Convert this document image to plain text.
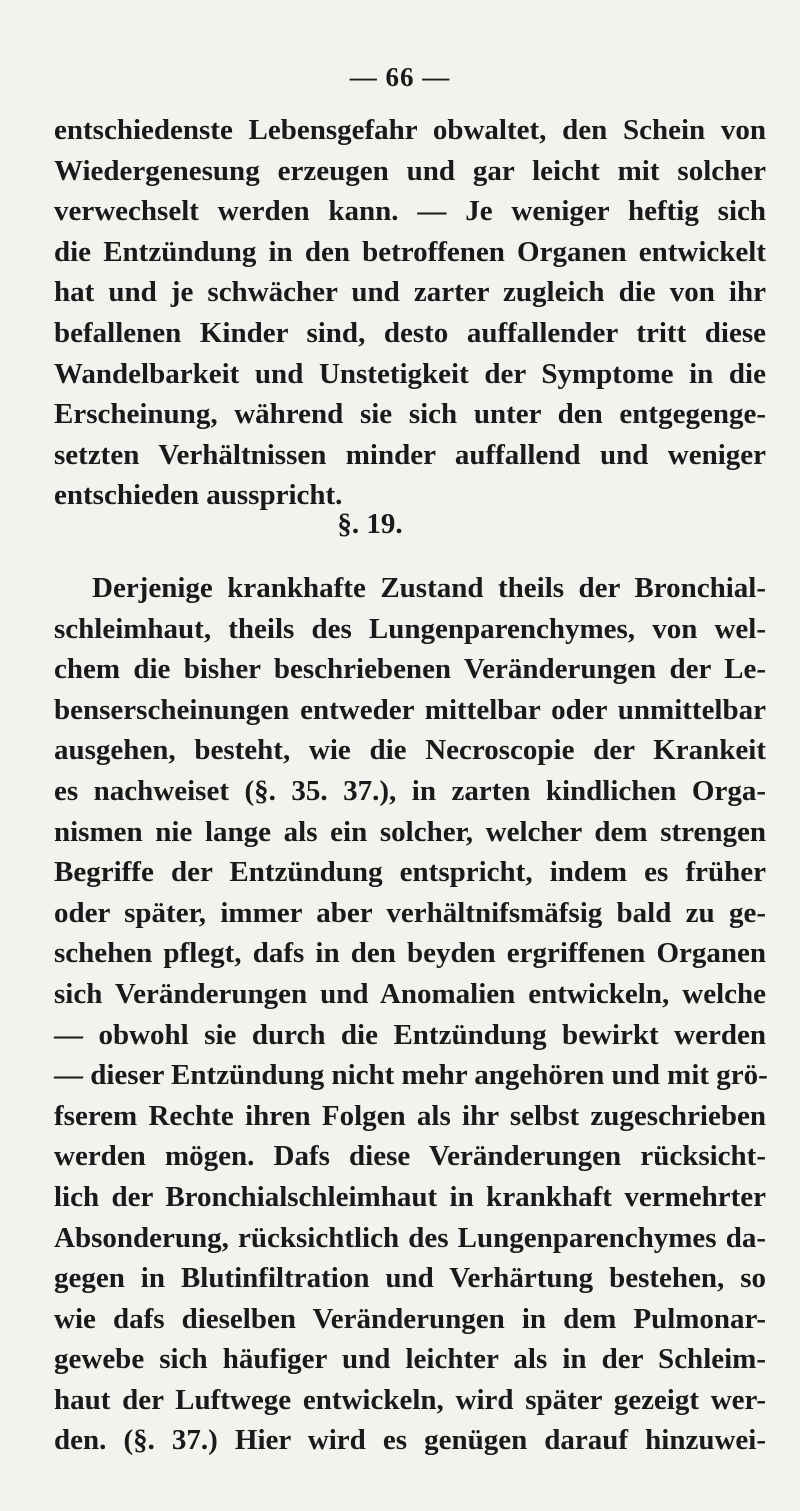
— 66 —
entschiedenste Lebensgefahr obwaltet, den Schein von
Wiedergenesung erzeugen und gar leicht mit solcher
verwechselt werden kann. — Je weniger heftig sich
die Entzündung in den betroffenen Organen entwickelt
hat und je schwächer und zarter zugleich die von ihr
befallenen Kinder sind, desto auffallender tritt diese
Wandelbarkeit und Unstetigkeit der Symptome in die
Erscheinung, während sie sich unter den entgegenge-
setzten Verhältnissen minder auffallend und weniger
entschieden ausspricht.
§. 19.
Derjenige krankhafte Zustand theils der Bronchial-
schleimhaut, theils des Lungenparenchymes, von wel-
chem die bisher beschriebenen Veränderungen der Le-
benserscheinungen entweder mittelbar oder unmittelbar
ausgehen, besteht, wie die Necroscopie der Krankeit
es nachweiset (§. 35. 37.), in zarten kindlichen Orga-
nismen nie lange als ein solcher, welcher dem strengen
Begriffe der Entzündung entspricht, indem es früher
oder später, immer aber verhältnifsmäfsig bald zu ge-
schehen pflegt, dafs in den beyden ergriffenen Organen
sich Veränderungen und Anomalien entwickeln, welche
— obwohl sie durch die Entzündung bewirkt werden
— dieser Entzündung nicht mehr angehören und mit grö-
fserem Rechte ihren Folgen als ihr selbst zugeschrieben
werden mögen. Dafs diese Veränderungen rücksicht-
lich der Bronchialschleimhaut in krankhaft vermehrter
Absonderung, rücksichtlich des Lungenparenchymes da-
gegen in Blutinfiltration und Verhärtung bestehen, so
wie dafs dieselben Veränderungen in dem Pulmonar-
gewebe sich häufiger und leichter als in der Schleim-
haut der Luftwege entwickeln, wird später gezeigt wer-
den. (§. 37.) Hier wird es genügen darauf hinzuwei-
